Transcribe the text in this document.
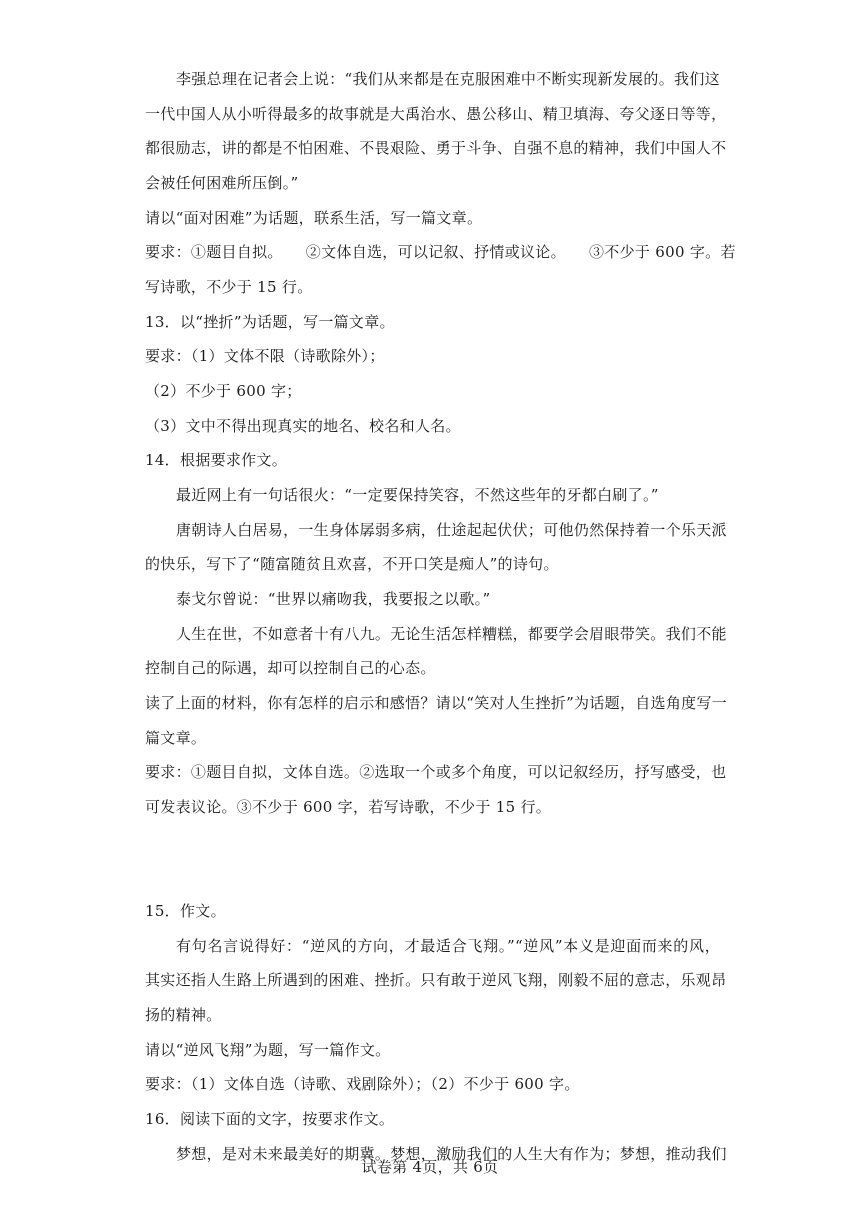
李强总理在记者会上说：“我们从来都是在克服困难中不断实现新发展的。我们这
一代中国人从小听得最多的故事就是大禹治水、愚公移山、精卫填海、夸父逐日等等，
都很励志，讲的都是不怕困难、不畏艰险、勇于斗争、自强不息的精神，我们中国人不
会被任何困难所压倒。”
请以“面对困难”为话题，联系生活，写一篇文章。
要求：①题目自拟。　　②文体自选，可以记叙、抒情或议论。　　③不少于 600 字。若
写诗歌，不少于 15 行。
13．以“挫折”为话题，写一篇文章。
要求：（1）文体不限（诗歌除外）；
（2）不少于 600 字；
（3）文中不得出现真实的地名、校名和人名。
14．根据要求作文。
最近网上有一句话很火：“一定要保持笑容，不然这些年的牙都白刷了。”
唐朝诗人白居易，一生身体孱弱多病，仕途起起伏伏；可他仍然保持着一个乐天派
的快乐，写下了“随富随贫且欢喜，不开口笑是痴人”的诗句。
泰戈尔曾说：“世界以痛吻我，我要报之以歌。”
人生在世，不如意者十有八九。无论生活怎样糟糕，都要学会眉眼带笑。我们不能
控制自己的际遇，却可以控制自己的心态。
读了上面的材料，你有怎样的启示和感悟？请以“笑对人生挫折”为话题，自选角度写一
篇文章。
要求：①题目自拟，文体自选。②选取一个或多个角度，可以记叙经历，抒写感受，也
可发表议论。③不少于 600 字，若写诗歌，不少于 15 行。
15．作文。
有句名言说得好：“逆风的方向，才最适合飞翔。”“逆风”本义是迎面而来的风，
其实还指人生路上所遇到的困难、挫折。只有敢于逆风飞翔，刚毅不屈的意志，乐观昂
扬的精神。
请以“逆风飞翔”为题，写一篇作文。
要求：（1）文体自选（诗歌、戏剧除外）；（2）不少于 600 字。
16．阅读下面的文字，按要求作文。
梦想，是对未来最美好的期冀。梦想，激励我们的人生大有作为；梦想，推动我们
试卷第 4页，共 6页
